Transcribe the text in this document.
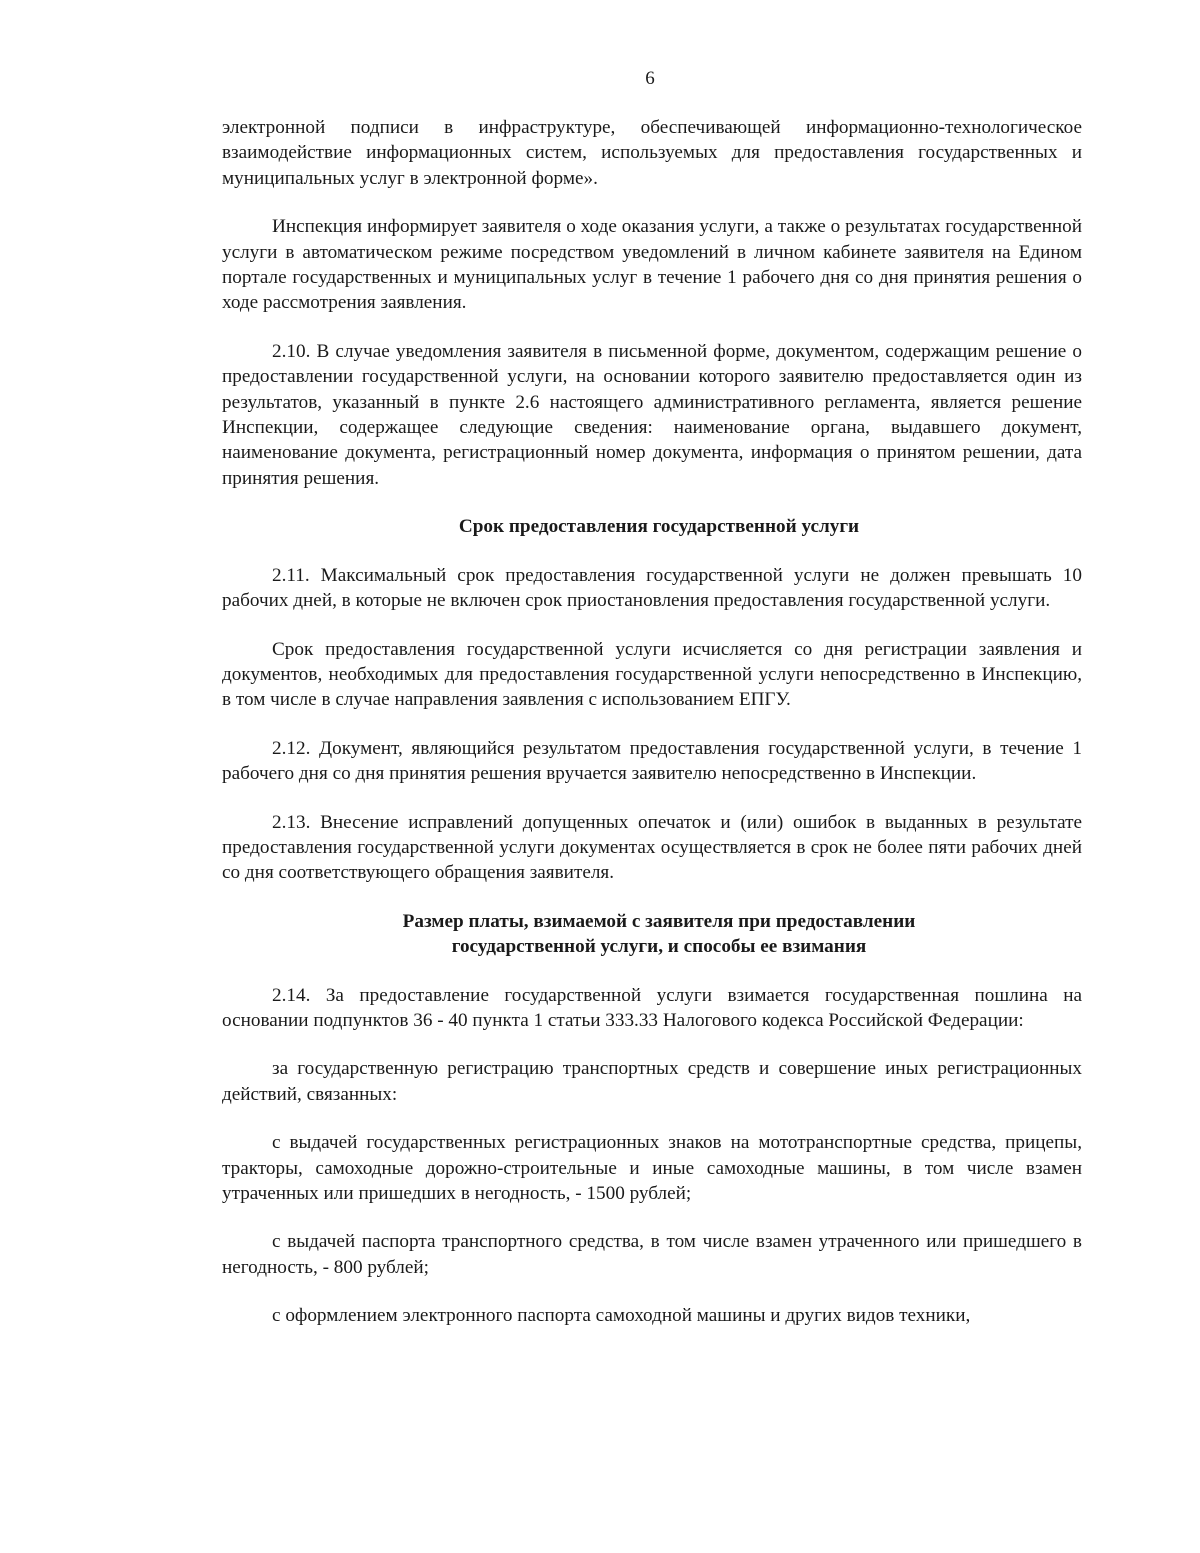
6

электронной подписи в инфраструктуре, обеспечивающей информационно-технологическое взаимодействие информационных систем, используемых для предоставления государственных и муниципальных услуг в электронной форме».

Инспекция информирует заявителя о ходе оказания услуги, а также о результатах государственной услуги в автоматическом режиме посредством уведомлений в личном кабинете заявителя на Едином портале государственных и муниципальных услуг в течение 1 рабочего дня со дня принятия решения о ходе рассмотрения заявления.

2.10. В случае уведомления заявителя в письменной форме, документом, содержащим решение о предоставлении государственной услуги, на основании которого заявителю предоставляется один из результатов, указанный в пункте 2.6 настоящего административного регламента, является решение Инспекции, содержащее следующие сведения: наименование органа, выдавшего документ, наименование документа, регистрационный номер документа, информация о принятом решении, дата принятия решения.

Срок предоставления государственной услуги

2.11. Максимальный срок предоставления государственной услуги не должен превышать 10 рабочих дней, в которые не включен срок приостановления предоставления государственной услуги.

Срок предоставления государственной услуги исчисляется со дня регистрации заявления и документов, необходимых для предоставления государственной услуги непосредственно в Инспекцию, в том числе в случае направления заявления с использованием ЕПГУ.

2.12. Документ, являющийся результатом предоставления государственной услуги, в течение 1 рабочего дня со дня принятия решения вручается заявителю непосредственно в Инспекции.

2.13. Внесение исправлений допущенных опечаток и (или) ошибок в выданных в результате предоставления государственной услуги документах осуществляется в срок не более пяти рабочих дней со дня соответствующего обращения заявителя.

Размер платы, взимаемой с заявителя при предоставлении
государственной услуги, и способы ее взимания

2.14. За предоставление государственной услуги взимается государственная пошлина на основании подпунктов 36 - 40 пункта 1 статьи 333.33 Налогового кодекса Российской Федерации:

за государственную регистрацию транспортных средств и совершение иных регистрационных действий, связанных:

с выдачей государственных регистрационных знаков на мототранспортные средства, прицепы, тракторы, самоходные дорожно-строительные и иные самоходные машины, в том числе взамен утраченных или пришедших в негодность, - 1500 рублей;

с выдачей паспорта транспортного средства, в том числе взамен утраченного или пришедшего в негодность, - 800 рублей;

с оформлением электронного паспорта самоходной машины и других видов техники,
